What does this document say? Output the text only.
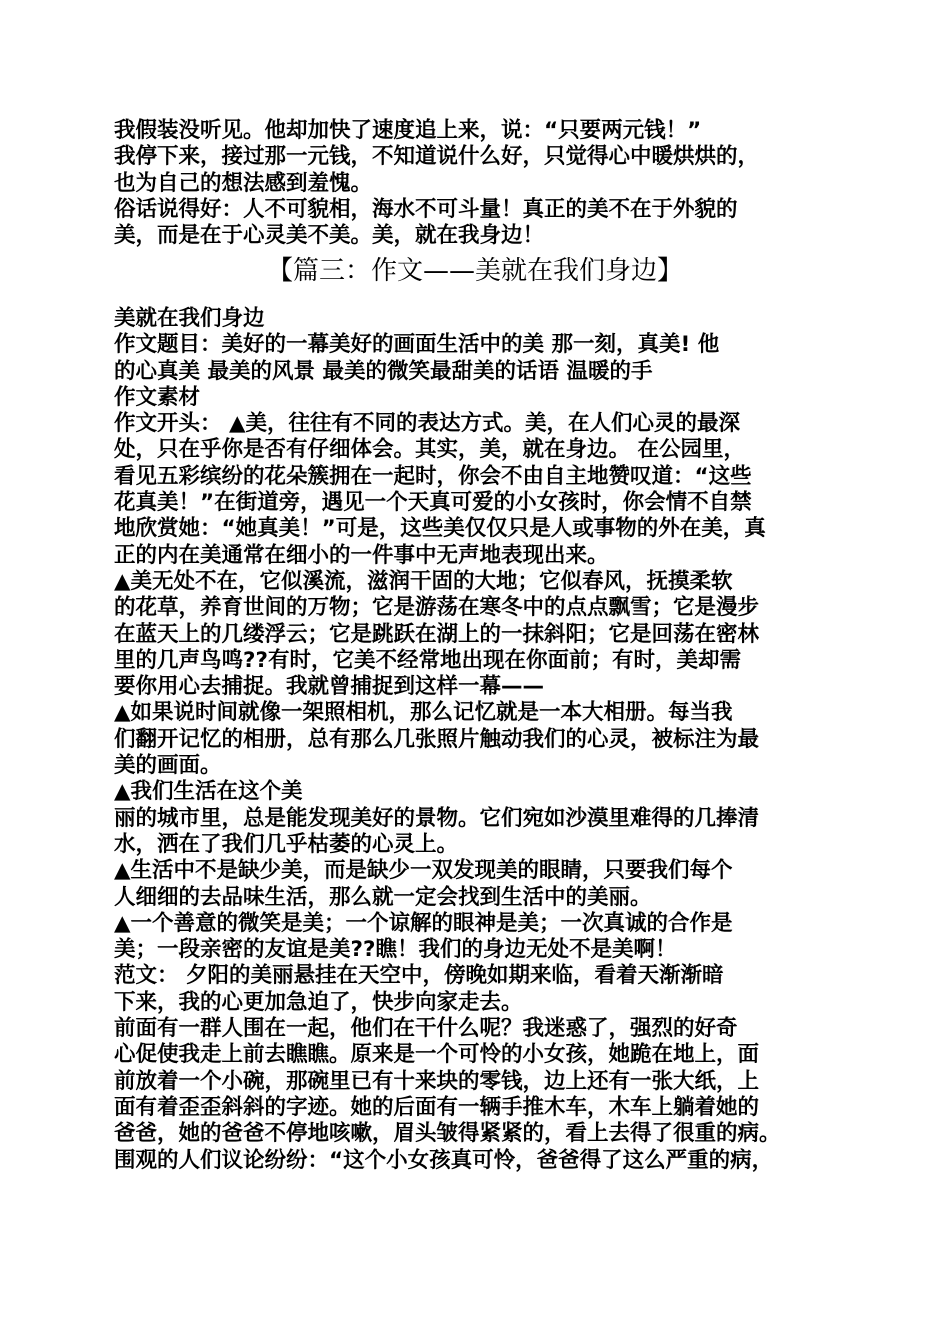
我假装没听见。他却加快了速度追上来，说：“只要两元钱！”
我停下来，接过那一元钱，不知道说什么好，只觉得心中暖烘烘的，
也为自己的想法感到羞愧。
俗话说得好：人不可貌相，海水不可斗量！真正的美不在于外貌的
美，而是在于心灵美不美。美，就在我身边！
【篇三：作文——美就在我们身边】
美就在我们身边
作文题目：美好的一幕美好的画面生活中的美 那一刻，真美! 他
的心真美 最美的风景 最美的微笑最甜美的话语 温暖的手
作文素材
作文开头： ▲美，往往有不同的表达方式。美，在人们心灵的最深
处，只在乎你是否有仔细体会。其实，美，就在身边。 在公园里，
看见五彩缤纷的花朵簇拥在一起时，你会不由自主地赞叹道：“这些
花真美！”在街道旁，遇见一个天真可爱的小女孩时，你会情不自禁
地欣赏她：“她真美！”可是，这些美仅仅只是人或事物的外在美，真
正的内在美通常在细小的一件事中无声地表现出来。
▲美无处不在，它似溪流，滋润干固的大地；它似春风，抚摸柔软
的花草，养育世间的万物；它是游荡在寒冬中的点点飘雪；它是漫步
在蓝天上的几缕浮云；它是跳跃在湖上的一抹斜阳；它是回荡在密林
里的几声鸟鸣??有时，它美不经常地出现在你面前；有时，美却需
要你用心去捕捉。我就曾捕捉到这样一幕——
▲如果说时间就像一架照相机，那么记忆就是一本大相册。每当我
们翻开记忆的相册，总有那么几张照片触动我们的心灵，被标注为最
美的画面。
▲我们生活在这个美
丽的城市里，总是能发现美好的景物。它们宛如沙漠里难得的几捧清
水，洒在了我们几乎枯萎的心灵上。
▲生活中不是缺少美，而是缺少一双发现美的眼睛，只要我们每个
人细细的去品味生活，那么就一定会找到生活中的美丽。
▲一个善意的微笑是美；一个谅解的眼神是美；一次真诚的合作是
美；一段亲密的友谊是美??瞧！我们的身边无处不是美啊！
范文： 夕阳的美丽悬挂在天空中，傍晚如期来临，看着天渐渐暗
下来，我的心更加急迫了，快步向家走去。
前面有一群人围在一起，他们在干什么呢？我迷惑了，强烈的好奇
心促使我走上前去瞧瞧。原来是一个可怜的小女孩，她跪在地上，面
前放着一个小碗，那碗里已有十来块的零钱，边上还有一张大纸，上
面有着歪歪斜斜的字迹。她的后面有一辆手推木车，木车上躺着她的
爸爸，她的爸爸不停地咳嗽，眉头皱得紧紧的，看上去得了很重的病。
围观的人们议论纷纷：“这个小女孩真可怜，爸爸得了这么严重的病，
